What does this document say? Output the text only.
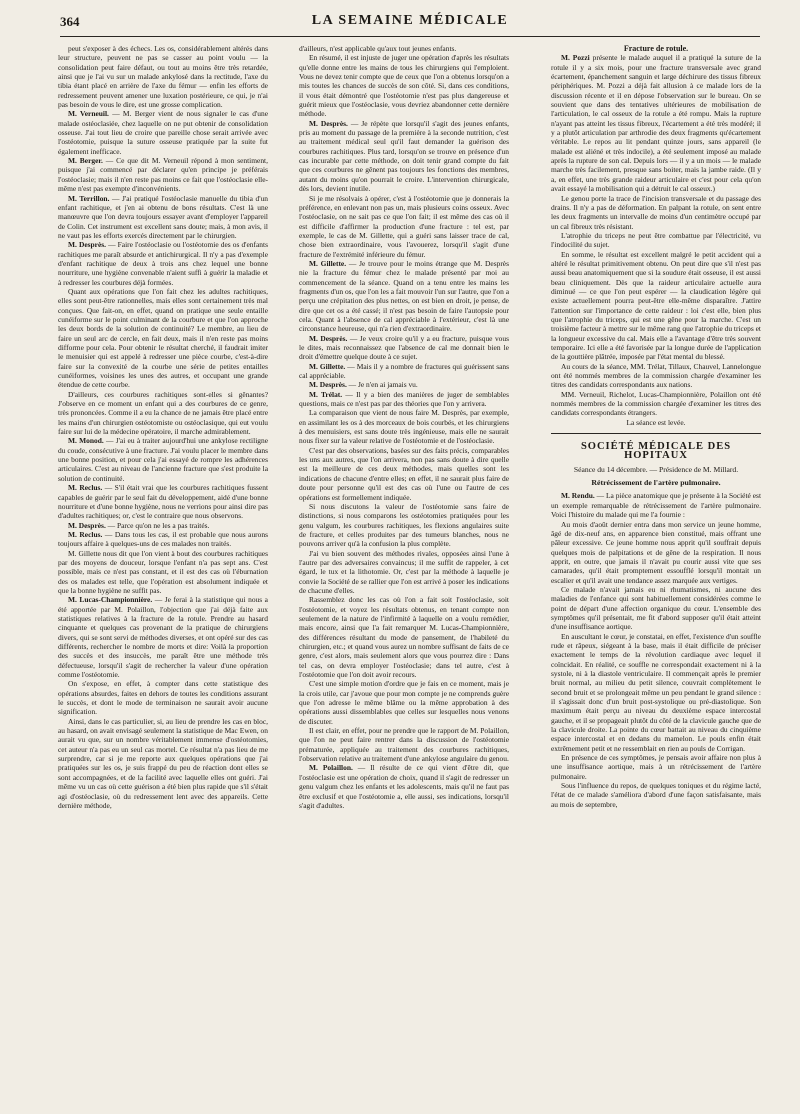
364	LA SEMAINE MÉDICALE

peut s'exposer à des échecs. Les os, considérablement altérés dans leur structure, peuvent ne pas se casser au point voulu — la consolidation peut faire défaut, ou tout au moins être très retardée, ainsi que je l'ai vu sur un malade ankylosé dans la rectitude, l'axe du tibia étant placé en arrière de l'axe du fémur — enfin les efforts de redressement peuvent amener une luxation postérieure, ce qui, je n'ai pas besoin de vous le dire, est une grosse complication.

M. Verneuil. — M. Berger vient de nous signaler le cas d'une malade ostéoclasiée, chez laquelle on ne put obtenir de consolidation osseuse. J'ai tout lieu de croire que pareille chose serait arrivée avec l'ostéotomie, puisque la suture osseuse pratiquée par la suite fut également inefficace.

M. Berger. — Ce que dit M. Verneuil répond à mon sentiment, puisque j'ai commencé par déclarer qu'en principe je préférais l'ostéoclasie; mais il n'en reste pas moins ce fait que l'ostéoclasie elle-même n'est pas exempte d'inconvénients.

M. Terrillon. — J'ai pratiqué l'ostéoclasie manuelle du tibia d'un enfant rachitique, et j'en ai obtenu de bons résultats. C'est là une manœuvre que l'on devra toujours essayer avant d'employer l'appareil de Colin. Cet instrument est excellent sans doute; mais, à mon avis, il ne vaut pas les efforts exercés directement par le chirurgien.

M. Desprès. — Faire l'ostéoclasie ou l'ostéotomie des os d'enfants rachitiques me paraît absurde et antichirurgical. Il n'y a pas d'exemple d'enfant rachitique de deux à trois ans chez lequel une bonne nourriture, une hygiène convenable n'aient suffi à guérir la maladie et à redresser les courbures déjà formées.

Quant aux opérations que l'on fait chez les adultes rachitiques, elles sont peut-être rationnelles, mais elles sont certainement très mal conçues. Que fait-on, en effet, quand on pratique une seule entaille cunéiforme sur le point culminant de la courbure et que l'on approche les deux bords de la solution de continuité? Le membre, au lieu de faire un seul arc de cercle, en fait deux, mais il n'en reste pas moins difforme pour cela. Pour obtenir le résultat cherché, il faudrait imiter le menuisier qui est appelé à redresser une pièce courbe, c'est-à-dire faire sur la convexité de la courbe une série de petites entailles cunéiformes, voisines les unes des autres, et occupant une grande étendue de cette courbe.

D'ailleurs, ces courbures rachitiques sont-elles si gênantes? J'observe en ce moment un enfant qui a des courbures de ce genre, très prononcées. Comme il a eu la chance de ne jamais être placé entre les mains d'un chirurgien ostéotomiste ou ostéoclasique, qui eut voulu faire sur lui de la médecine opératoire, il marche admirablement.

M. Monod. — J'ai eu à traiter aujourd'hui une ankylose rectiligne du coude, consécutive à une fracture. J'ai voulu placer le membre dans une bonne position, et pour cela j'ai essayé de rompre les adhérences articulaires. C'est au niveau de l'ancienne fracture que s'est produite la solution de continuité.

M. Reclus. — S'il était vrai que les courbures rachitiques fussent capables de guérir par le seul fait du développement, aidé d'une bonne nourriture et d'une bonne hygiène, nous ne verrions pour ainsi dire pas d'adultes rachitiques; or, c'est le contraire que nous observons.

M. Desprès. — Parce qu'on ne les a pas traités.

M. Reclus. — Dans tous les cas, il est probable que nous aurons toujours affaire à quelques-uns de ces malades non traités.

M. Gillette nous dit que l'on vient à bout des courbures rachitiques par des moyens de douceur, lorsque l'enfant n'a pas sept ans. C'est possible, mais ce n'est pas constant, et il est des cas où l'éburnation des os malades est telle, que l'opération est absolument indiquée et que la bonne hygiène ne suffit pas.

M. Lucas-Championnière. — Je ferai à la statistique qui nous a été apportée par M. Polaillon, l'objection que j'ai déjà faite aux statistiques relatives à la fracture de la rotule. Prendre au hasard cinquante et quelques cas provenant de la pratique de chirurgiens divers, qui se sont servi de méthodes diverses, et ont opéré sur des cas différents, rechercher le nombre de morts et dire: Voilà la proportion des succès et des insuccès, me paraît être une méthode très défectueuse, lorsqu'il s'agit de rechercher la valeur d'une opération comme l'ostéotomie.

On s'expose, en effet, à compter dans cette statistique des opérations absurdes, faites en dehors de toutes les conditions assurant le succès, et dont le mode de terminaison ne saurait avoir aucune signification.

Ainsi, dans le cas particulier, si, au lieu de prendre les cas en bloc, au hasard, on avait envisagé seulement la statistique de Mac Ewen, on aurait vu que, sur un nombre véritablement immense d'ostéotomies, cet auteur n'a pas eu un seul cas mortel. Ce résultat n'a pas lieu de me surprendre, car si je me reporte aux quelques opérations que j'ai pratiquées sur les os, je suis frappé du peu de réaction dont elles se sont accompagnées, et de la facilité avec laquelle elles ont guéri. J'ai même vu un cas où cette guérison a été bien plus rapide que s'il s'était agi d'ostéoclasie, où du redressement lent avec des appareils. Cette dernière méthode,

d'ailleurs, n'est applicable qu'aux tout jeunes enfants.

En résumé, il est injuste de juger une opération d'après les résultats qu'elle donne entre les mains de tous les chirurgiens qui l'emploient. Vous ne devez tenir compte que de ceux que l'on a obtenus lorsqu'on a mis toutes les chances de succès de son côté. Si, dans ces conditions, il vous était démontré que l'ostéotomie n'est pas plus dangereuse et guérit mieux que l'ostéoclasie, vous devriez abandonner cette dernière méthode.

M. Desprès. — Je répète que lorsqu'il s'agit des jeunes enfants, pris au moment du passage de la première à la seconde nutrition, c'est au traitement médical seul qu'il faut demander la guérison des courbures rachitiques. Plus tard, lorsqu'on se trouve en présence d'un cas incurable par cette méthode, on doit tenir grand compte du fait que ces courbures ne gênent pas toujours les fonctions des membres, autant du moins qu'on pourrait le croire. L'intervention chirurgicale, dès lors, devient inutile.

Si je me résolvais à opérer, c'est à l'ostéotomie que je donnerais la préférence, en enlevant non pas un, mais plusieurs coins osseux. Avec l'ostéoclasie, on ne sait pas ce que l'on fait; il est même des cas où il est difficile d'affirmer la production d'une fracture : tel est, par exemple, le cas de M. Gillette, qui a guéri sans laisser trace de cal, chose bien extraordinaire, vous l'avouerez, lorsqu'il s'agit d'une fracture de l'extrémité inférieure du fémur.

M. Gillette. — Je trouve pour le moins étrange que M. Desprès nie la fracture du fémur chez le malade présenté par moi au commencement de la séance. Quand on a tenu entre les mains les fragments d'un os, que l'on les a fait mouvoir l'un sur l'autre, que l'on a perçu une crépitation des plus nettes, on est bien en droit, je pense, de dire que cet os a été cassé; il n'est pas besoin de faire l'autopsie pour cela. Quant à l'absence de cal appréciable à l'extérieur, c'est là une circonstance heureuse, qui n'a rien d'extraordinaire.

M. Desprès. — Je veux croire qu'il y a eu fracture, puisque vous le dites, mais reconnaissez que l'absence de cal me donnait bien le droit d'émettre quelque doute à ce sujet.

M. Gillette. — Mais il y a nombre de fractures qui guérissent sans cal appréciable.

M. Desprès. — Je n'en ai jamais vu.

M. Trélat. — Il y a bien des manières de juger de semblables questions, mais ce n'est pas par des théories que l'on y arrivera.

La comparaison que vient de nous faire M. Desprès, par exemple, en assimilant les os à des morceaux de bois courbés, et les chirurgiens à des menuisiers, est sans doute très ingénieuse, mais elle ne saurait nous fixer sur la valeur relative de l'ostéotomie et de l'ostéoclasie.

C'est par des observations, basées sur des faits précis, comparables les uns aux autres, que l'on arrivera, non pas sans doute à dire quelle est la meilleure de ces deux méthodes, mais quelles sont les indications de chacune d'entre elles; en effet, il ne saurait plus faire de doute pour personne qu'il est des cas où l'une ou l'autre de ces opérations est formellement indiquée.

Si nous discutons la valeur de l'ostéotomie sans faire de distinctions, si nous comparons les ostéotomies pratiquées pour les genu valgum, les courbures rachitiques, les flexions angulaires suite de fracture, et celles produites par des tumeurs blanches, nous ne pouvons arriver qu'à la confusion la plus complète.

J'ai vu bien souvent des méthodes rivales, opposées ainsi l'une à l'autre par des adversaires convaincus; il me suffit de rappeler, à cet égard, le tux et la lithotomie. Or, c'est par la méthode à laquelle je convie la Société de se rallier que l'on est arrivé à poser les indications de chacune d'elles.

Rassemblez donc les cas où l'on a fait soit l'ostéoclasie, soit l'ostéotomie, et voyez les résultats obtenus, en tenant compte non seulement de la nature de l'infirmité à laquelle on a voulu remédier, mais encore, ainsi que l'a fait remarquer M. Lucas-Championnière, des différences résultant du mode de pansement, de l'habileté du chirurgien, etc.; et quand vous aurez un nombre suffisant de faits de ce genre, c'est alors, mais seulement alors que vous pourrez dire : Dans tel cas, on devra employer l'ostéoclasie; dans tel autre, c'est à l'ostéotomie que l'on doit avoir recours.

C'est une simple motion d'ordre que je fais en ce moment, mais je la crois utile, car j'avoue que pour mon compte je ne comprends guère que l'on adresse le même blâme ou la même approbation à des opérations aussi dissemblables que celles sur lesquelles nous venons de discuter.

Il est clair, en effet, pour ne prendre que le rapport de M. Polaillon, que l'on ne peut faire rentrer dans la discussion de l'ostéotomie prématurée, appliquée au traitement des courbures rachitiques, l'observation relative au traitement d'une ankylose angulaire du genou.

M. Polaillon. — Il résulte de ce qui vient d'être dit, que l'ostéoclasie est une opération de choix, quand il s'agit de redresser un genu valgum chez les enfants et les adolescents, mais qu'il ne faut pas être exclusif et que l'ostéotomie a, elle aussi, ses indications, lorsqu'il s'agit d'adultes.

Fracture de rotule.

M. Pozzi présente le malade auquel il a pratiqué la suture de la rotule il y a six mois, pour une fracture transversale avec grand écartement, épanchement sanguin et large déchirure des tissus fibreux périphériques. M. Pozzi a déjà fait allusion à ce malade lors de la discussion récente et il en dépose l'observation sur le bureau. On se souvient que dans des tentatives ultérieures de mobilisation de l'articulation, le cal osseux de la rotule a été rompu. Mais la rupture n'ayant pas atteint les tissus fibreux, l'écartement a été très modéré; il y a plutôt articulation par arthrodie des deux fragments qu'écartement véritable. Le repos au lit pendant quinze jours, sans appareil (le malade est aliéné et très indocile), a été seulement imposé au malade après la rupture de son cal. Depuis lors — il y a un mois — le malade marche très facilement, presque sans boiter, mais la jambe raide. (Il y a, en effet, une très grande raideur articulaire et c'est pour cela qu'on avait essayé la mobilisation qui a détruit le cal osseux.)

Le genou porte la trace de l'incision transversale et du passage des drains. Il n'y a pas de déformation. En palpant la rotule, on sent entre les deux fragments un intervalle de moins d'un centimètre occupé par un cal fibreux très résistant.

L'atrophie du triceps ne peut être combattue par l'électricité, vu l'indocilité du sujet.

En somme, le résultat est excellent malgré le petit accident qui a altéré le résultat primitivement obtenu. On peut dire que s'il n'est pas aussi beau anatomiquement que si la soudure était osseuse, il est aussi beau cliniquement. Dès que la raideur articulaire actuelle aura diminué — ce que l'on peut espérer — la claudication légère qui existe actuellement pourra peut-être elle-même disparaître. J'attire l'attention sur l'importance de cette raideur : loi c'est elle, bien plus que l'atrophie du triceps, qui est une gêne pour la marche. C'est un troisième facteur à mettre sur le même rang que l'atrophie du triceps et la longueur excessive du cal. Mais elle a l'avantage d'être très souvent temporaire. Ici elle a été favorisée par la longue durée de l'application de la gouttière plâtrée, imposée par l'état mental du blessé.

Au cours de la séance, MM. Trélat, Tillaux, Chauvel, Lannelongue ont été nommés membres de la commission chargée d'examiner les titres des candidats correspondants aux nations.

MM. Verneuil, Richelot, Lucas-Championnière, Polaillon ont été nommés membres de la commission chargée d'examiner les titres des candidats correspondants étrangers.

La séance est levée.

SOCIÉTÉ MÉDICALE DES HOPITAUX
Séance du 14 décembre. — Présidence de M. Millard.
Rétrécissement de l'artère pulmonaire.

M. Rendu. — La pièce anatomique que je présente à la Société est un exemple remarquable de rétrécissement de l'artère pulmonaire. Voici l'histoire du malade qui me l'a fournie :

Au mois d'août dernier entra dans mon service un jeune homme, âgé de dix-neuf ans, en apparence bien constitué, mais offrant une pâleur excessive. Ce jeune homme nous apprit qu'il souffrait depuis quelques mois de palpitations et de gêne de la respiration. Il nous apprit, en outre, que jamais il n'avait pu courir aussi vite que ses camarades, qu'il était promptement essoufflé lorsqu'il montait un escalier et qu'il avait une tendance assez marquée aux vertiges.

Ce malade n'avait jamais eu ni rhumatismes, ni aucune des maladies de l'enfance qui sont habituellement considérées comme le point de départ d'une affection organique du cœur. L'ensemble des symptômes qu'il présentait, me fit d'abord supposer qu'il était atteint d'une insuffisance aortique.

En auscultant le cœur, je constatai, en effet, l'existence d'un souffle rude et râpeux, siégeant à la base, mais il était difficile de préciser exactement le temps de la révolution cardiaque avec lequel il coïncidait. En réalité, ce souffle ne correspondait exactement ni à la systole, ni à la diastole ventriculaire. Il commençait après le premier bruit normal, au milieu du petit silence, couvrait complètement le second bruit et se prolongeait même un peu pendant le grand silence : il s'agissait donc d'un bruit post-systolique ou pré-diastolique. Son maximum était perçu au niveau du deuxième espace intercostal gauche, et il se propageait plutôt du côté de la clavicule gauche que de la clavicule droite. La pointe du cœur battait au niveau du cinquième espace intercostal et en dedans du mamelon. Le pouls enfin était extrêmement petit et ne ressemblait en rien au pouls de Corrigan.

En présence de ces symptômes, je pensais avoir affaire non plus à une insuffisance aortique, mais à un rétrécissement de l'artère pulmonaire.

Sous l'influence du repos, de quelques toniques et du régime lacté, l'état de ce malade s'améliora d'abord d'une façon satisfaisante, mais au mois de septembre,
